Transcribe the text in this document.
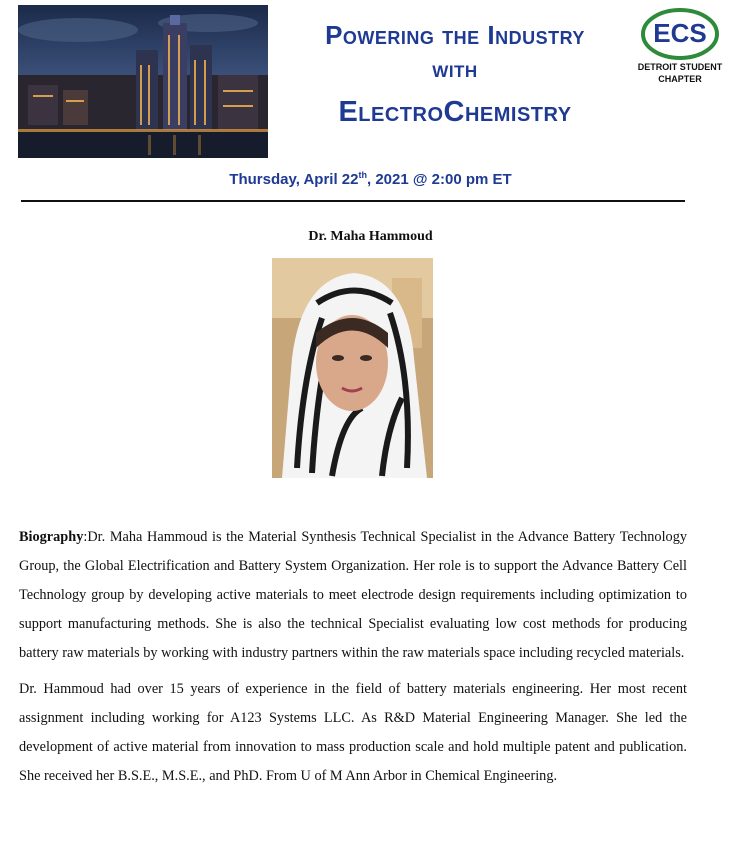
Powering the Industry
with
ElectroChemistry
ECS
DETROIT STUDENT
CHAPTER
Thursday, April 22th, 2021 @ 2:00 pm ET
Dr. Maha Hammoud

Biography:Dr. Maha Hammoud is the Material Synthesis Technical Specialist in the Advance Battery Technology Group, the Global Electrification and Battery System Organization. Her role is to support the Advance Battery Cell Technology group by developing active materials to meet electrode design requirements including optimization to support manufacturing methods. She is also the technical Specialist evaluating low cost methods for producing battery raw materials by working with industry partners within the raw materials space including recycled materials.

Dr. Hammoud had over 15 years of experience in the field of battery materials engineering. Her most recent assignment including working for A123 Systems LLC. As R&D Material Engineering Manager. She led the development of active material from innovation to mass production scale and hold multiple patent and publication. She received her B.S.E., M.S.E., and PhD. From U of M Ann Arbor in Chemical Engineering.
